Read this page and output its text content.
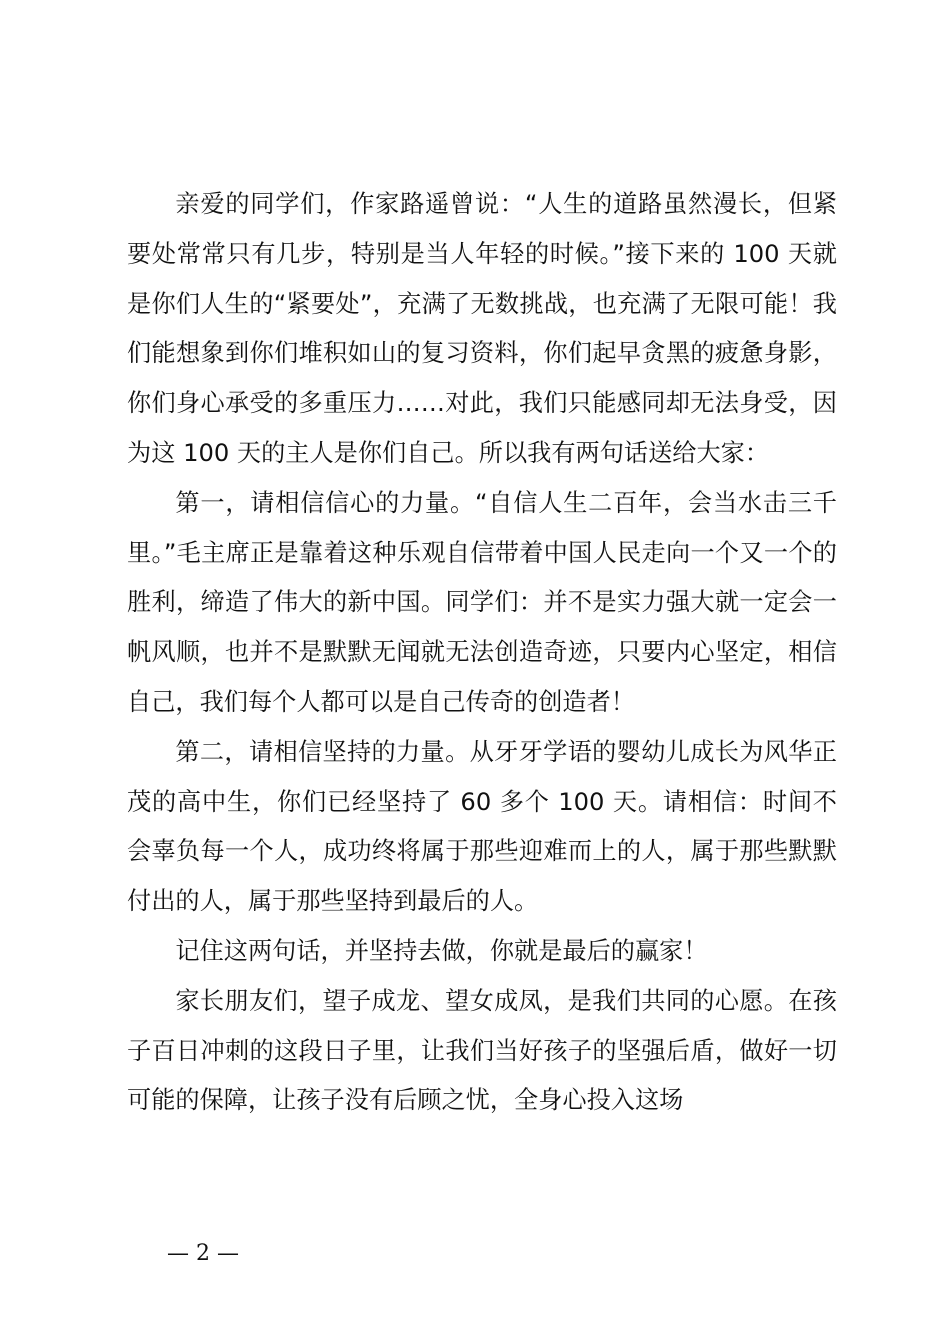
亲爱的同学们，作家路遥曾说：“人生的道路虽然漫长，但紧要处常常只有几步，特别是当人年轻的时候。”接下来的 100 天就是你们人生的“紧要处”，充满了无数挑战，也充满了无限可能！我们能想象到你们堆积如山的复习资料，你们起早贪黑的疲惫身影，你们身心承受的多重压力……对此，我们只能感同却无法身受，因为这 100 天的主人是你们自己。所以我有两句话送给大家：

第一，请相信信心的力量。“自信人生二百年，会当水击三千里。”毛主席正是靠着这种乐观自信带着中国人民走向一个又一个的胜利，缔造了伟大的新中国。同学们：并不是实力强大就一定会一帆风顺，也并不是默默无闻就无法创造奇迹，只要内心坚定，相信自己，我们每个人都可以是自己传奇的创造者！

第二，请相信坚持的力量。从牙牙学语的婴幼儿成长为风华正茂的高中生，你们已经坚持了 60 多个 100 天。请相信：时间不会辜负每一个人，成功终将属于那些迎难而上的人，属于那些默默付出的人，属于那些坚持到最后的人。

记住这两句话，并坚持去做，你就是最后的赢家！

家长朋友们，望子成龙、望女成凤，是我们共同的心愿。在孩子百日冲刺的这段日子里，让我们当好孩子的坚强后盾，做好一切可能的保障，让孩子没有后顾之忧，全身心投入这场

— 2 —
